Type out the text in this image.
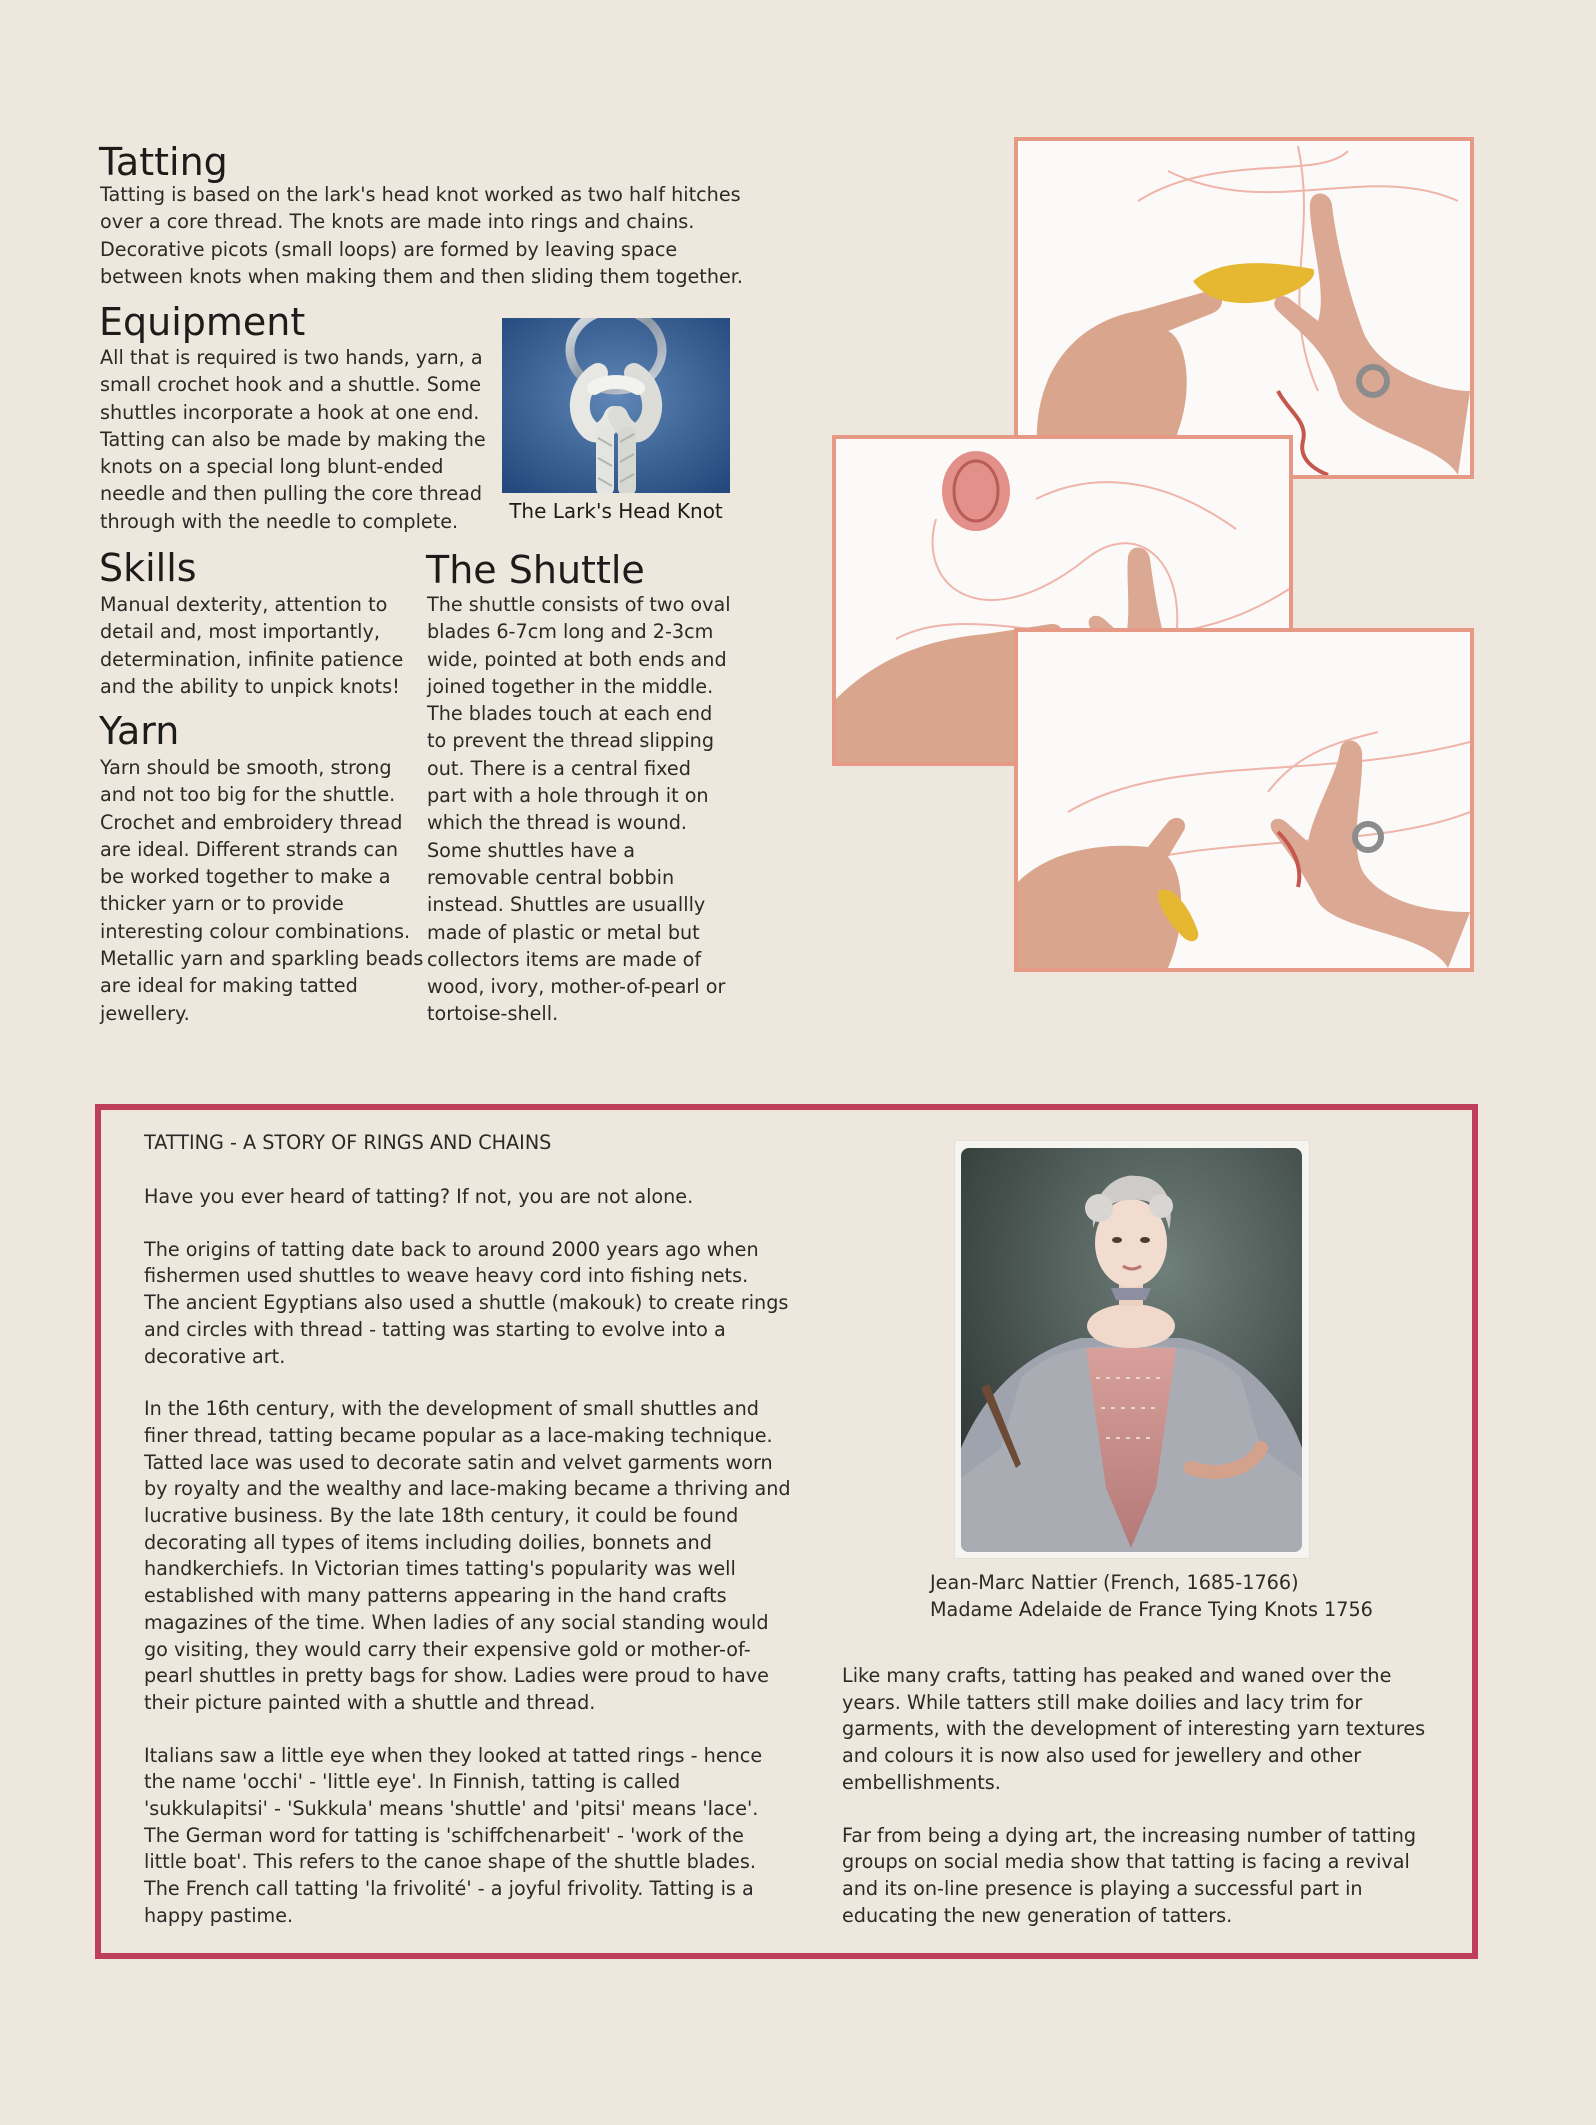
Tatting

Tatting is based on the lark's head knot worked as two half hitches
over a core thread. The knots are made into rings and chains.
Decorative picots (small loops) are formed by leaving space
between knots when making them and then sliding them together.

Equipment

All that is required is two hands, yarn, a
small crochet hook and a shuttle. Some
shuttles incorporate a hook at one end.
Tatting can also be made by making the
knots on a special long blunt-ended
needle and then pulling the core thread
through with the needle to complete.	The Lark's Head Knot
Skills

Manual dexterity, attention to
detail and, most importantly,
determination, infinite patience
and the ability to unpick knots!

Yarn

Yarn should be smooth, strong
and not too big for the shuttle.
Crochet and embroidery thread
are ideal. Different strands can
be worked together to make a
thicker yarn or to provide
interesting colour combinations.
Metallic yarn and sparkling beads
are ideal for making tatted
jewellery.

The Shuttle

The shuttle consists of two oval
blades 6-7cm long and 2-3cm
wide, pointed at both ends and
joined together in the middle.
The blades touch at each end
to prevent the thread slipping
out. There is a central fixed
part with a hole through it on
which the thread is wound.
Some shuttles have a
removable central bobbin
instead. Shuttles are usuallly
made of plastic or metal but
collectors items are made of
wood, ivory, mother-of-pearl or
tortoise-shell.

TATTING - A STORY OF RINGS AND CHAINS

Have you ever heard of tatting? If not, you are not alone.

The origins of tatting date back to around 2000 years ago when
fishermen used shuttles to weave heavy cord into fishing nets.
The ancient Egyptians also used a shuttle (makouk) to create rings
and circles with thread - tatting was starting to evolve into a
decorative art.

In the 16th century, with the development of small shuttles and
finer thread, tatting became popular as a lace-making technique.
Tatted lace was used to decorate satin and velvet garments worn
by royalty and the wealthy and lace-making became a thriving and
lucrative business. By the late 18th century, it could be found
decorating all types of items including doilies, bonnets and
handkerchiefs. In Victorian times tatting's popularity was well
established with many patterns appearing in the hand crafts
magazines of the time. When ladies of any social standing would
go visiting, they would carry their expensive gold or mother-of-
pearl shuttles in pretty bags for show. Ladies were proud to have
their picture painted with a shuttle and thread.

Italians saw a little eye when they looked at tatted rings - hence
the name 'occhi' - 'little eye'. In Finnish, tatting is called
'sukkulapitsi' - 'Sukkula' means 'shuttle' and 'pitsi' means 'lace'.
The German word for tatting is 'schiffchenarbeit' - 'work of the
little boat'. This refers to the canoe shape of the shuttle blades.
The French call tatting 'la frivolité' - a joyful frivolity. Tatting is a
happy pastime.

Jean-Marc Nattier (French, 1685-1766)
Madame Adelaide de France Tying Knots 1756

Like many crafts, tatting has peaked and waned over the
years. While tatters still make doilies and lacy trim for
garments, with the development of interesting yarn textures
and colours it is now also used for jewellery and other
embellishments.

Far from being a dying art, the increasing number of tatting
groups on social media show that tatting is facing a revival
and its on-line presence is playing a successful part in
educating the new generation of tatters.
